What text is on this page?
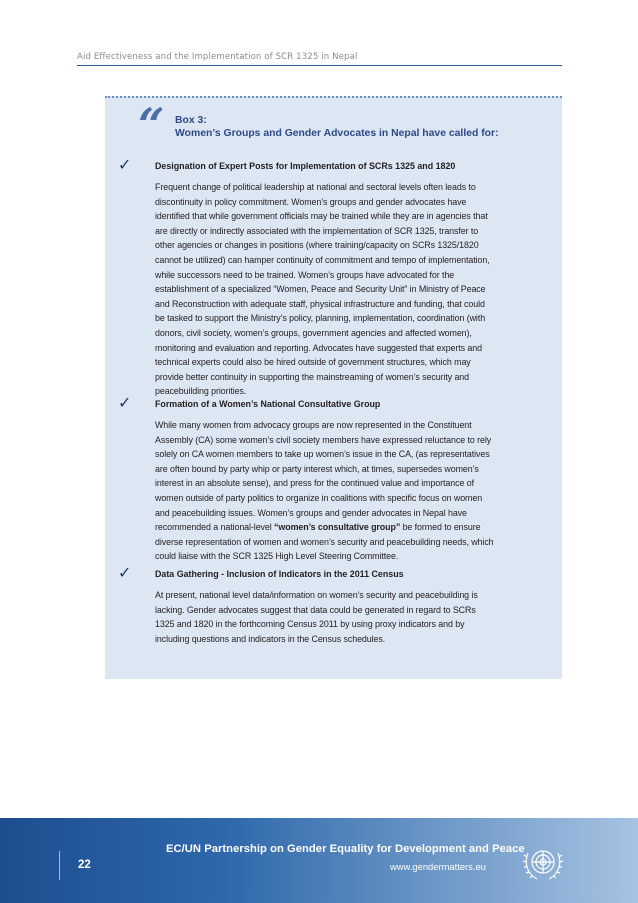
Aid Effectiveness and the Implementation of SCR 1325 in Nepal
“ Box 3:
Women’s Groups and Gender Advocates in Nepal have called for:
✓	Designation of Expert Posts for Implementation of SCRs 1325 and 1820
Frequent change of political leadership at national and sectoral levels often leads to
discontinuity in policy commitment. Women’s groups and gender advocates have
identified that while government officials may be trained while they are in agencies that
are directly or indirectly associated with the implementation of SCR 1325, transfer to
other agencies or changes in positions (where training/capacity on SCRs 1325/1820
cannot be utilized) can hamper continuity of commitment and tempo of implementation,
while successors need to be trained. Women’s groups have advocated for the
establishment of a specialized “Women, Peace and Security Unit” in Ministry of Peace
and Reconstruction with adequate staff, physical infrastructure and funding, that could
be tasked to support the Ministry’s policy, planning, implementation, coordination (with
donors, civil society, women’s groups, government agencies and affected women),
monitoring and evaluation and reporting. Advocates have suggested that experts and
technical experts could also be hired outside of government structures, which may
provide better continuity in supporting the mainstreaming of women’s security and
peacebuilding priorities.
✓	Formation of a Women’s National Consultative Group
While many women from advocacy groups are now represented in the Constituent
Assembly (CA) some women’s civil society members have expressed reluctance to rely
solely on CA women members to take up women’s issue in the CA, (as representatives
are often bound by party whip or party interest which, at times, supersedes women’s
interest in an absolute sense), and press for the continued value and importance of
women outside of party politics to organize in coalitions with specific focus on women
and peacebuilding issues. Women’s groups and gender advocates in Nepal have
recommended a national-level “women’s consultative group” be formed to ensure
diverse representation of women and women’s security and peacebuilding needs, which
could liaise with the SCR 1325 High Level Steering Committee.
✓	Data Gathering - Inclusion of Indicators in the 2011 Census
At present, national level data/information on women’s security and peacebuilding is
lacking. Gender advocates suggest that data could be generated in regard to SCRs
1325 and 1820 in the forthcoming Census 2011 by using proxy indicators and by
including questions and indicators in the Census schedules.
22
EC/UN Partnership on Gender Equality for Development and Peace
www.gendermatters.eu
